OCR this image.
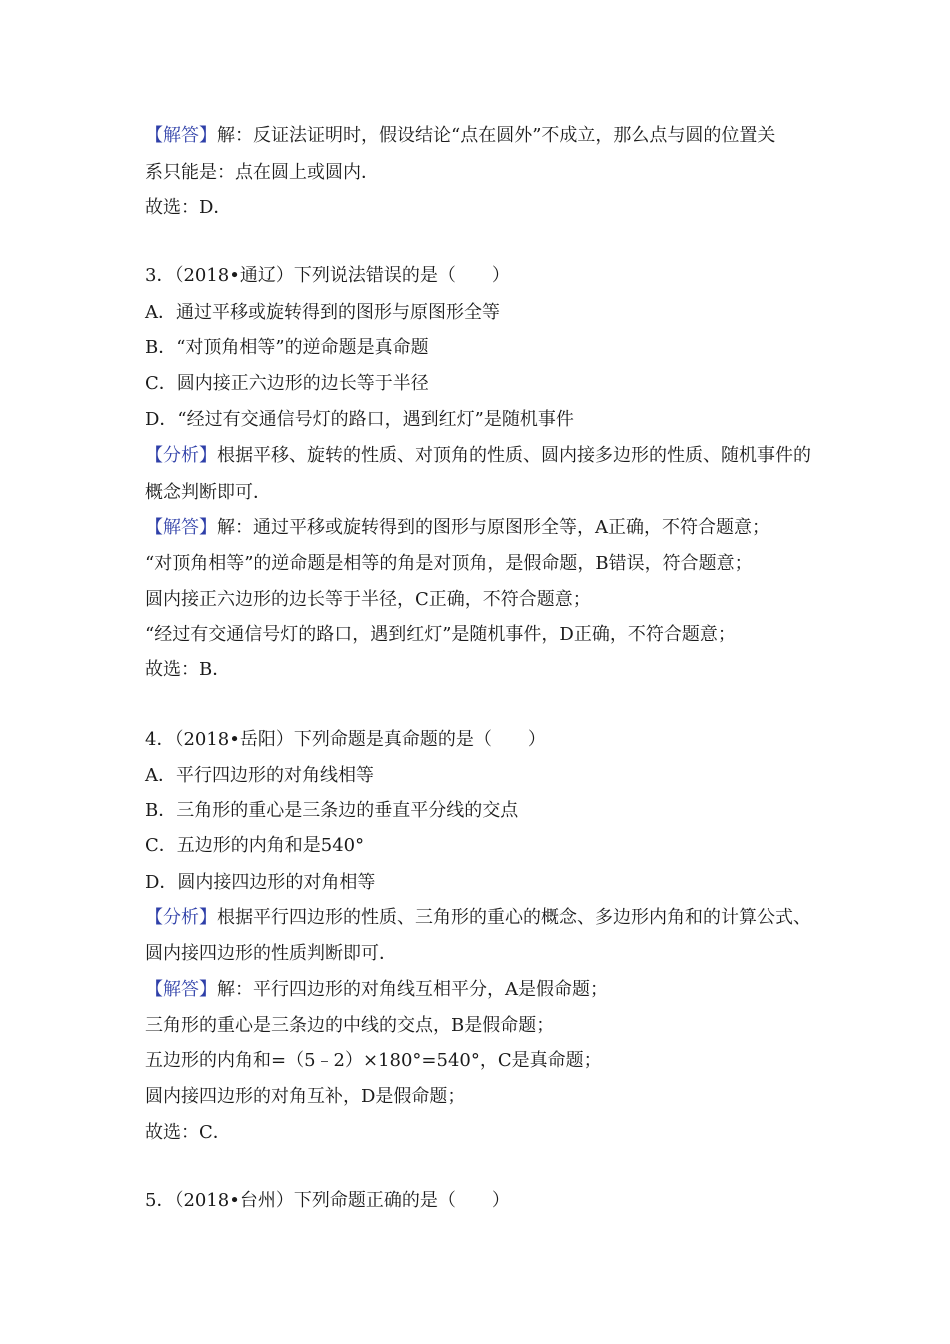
【解答】解：反证法证明时，假设结论“点在圆外”不成立，那么点与圆的位置关
系只能是：点在圆上或圆内．
故选：D．
3．（2018•通辽）下列说法错误的是（　　）
A．通过平移或旋转得到的图形与原图形全等
B．“对顶角相等”的逆命题是真命题
C．圆内接正六边形的边长等于半径
D．“经过有交通信号灯的路口，遇到红灯”是随机事件
【分析】根据平移、旋转的性质、对顶角的性质、圆内接多边形的性质、随机事件的
概念判断即可．
【解答】解：通过平移或旋转得到的图形与原图形全等，A正确，不符合题意；
“对顶角相等”的逆命题是相等的角是对顶角，是假命题，B错误，符合题意；
圆内接正六边形的边长等于半径，C正确，不符合题意；
“经过有交通信号灯的路口，遇到红灯”是随机事件，D正确，不符合题意；
故选：B．
4．（2018•岳阳）下列命题是真命题的是（　　）
A．平行四边形的对角线相等
B．三角形的重心是三条边的垂直平分线的交点
C．五边形的内角和是540°
D．圆内接四边形的对角相等
【分析】根据平行四边形的性质、三角形的重心的概念、多边形内角和的计算公式、
圆内接四边形的性质判断即可．
【解答】解：平行四边形的对角线互相平分，A是假命题；
三角形的重心是三条边的中线的交点，B是假命题；
五边形的内角和=（5﹣2）×180°=540°，C是真命题；
圆内接四边形的对角互补，D是假命题；
故选：C．
5．（2018•台州）下列命题正确的是（　　）
